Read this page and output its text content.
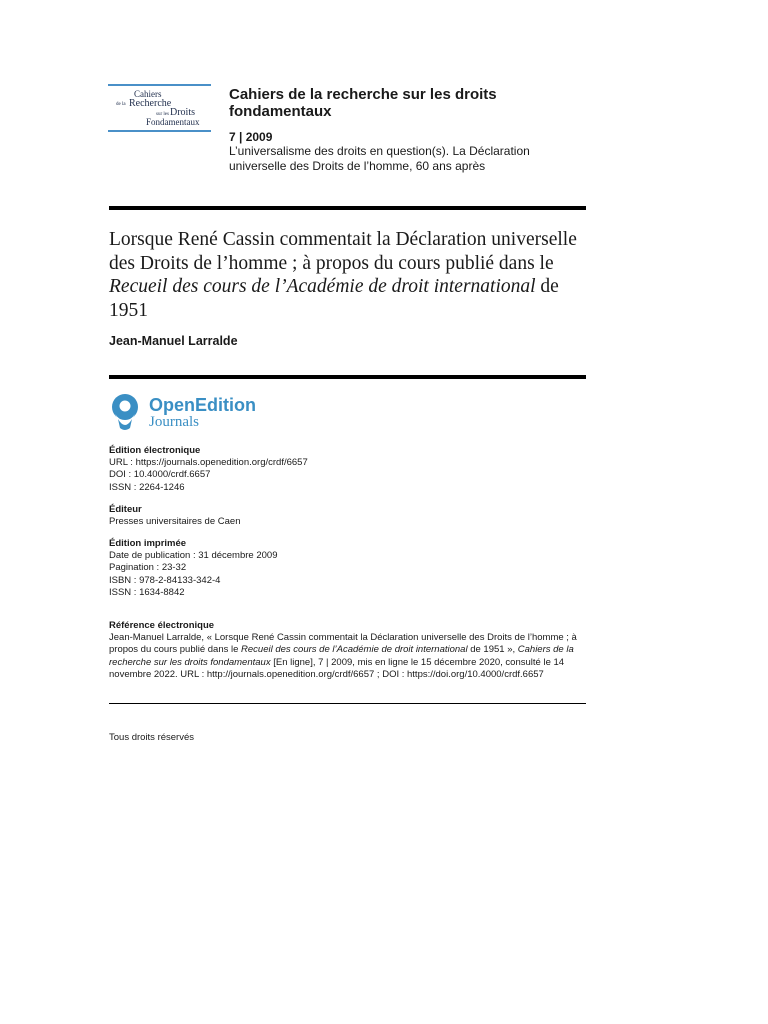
Cahiers
de la Recherche
sur les Droits
Fondamentaux
Cahiers de la recherche sur les droits fondamentaux
7 | 2009
L’universalisme des droits en question(s). La Déclaration universelle des Droits de l’homme, 60 ans après
Lorsque René Cassin commentait la Déclaration universelle des Droits de l’homme ; à propos du cours publié dans le Recueil des cours de l’Académie de droit international de 1951
Jean-Manuel Larralde
OpenEdition
Journals
Édition électronique
URL : https://journals.openedition.org/crdf/6657
DOI : 10.4000/crdf.6657
ISSN : 2264-1246
Éditeur
Presses universitaires de Caen
Édition imprimée
Date de publication : 31 décembre 2009
Pagination : 23-32
ISBN : 978-2-84133-342-4
ISSN : 1634-8842
Référence électronique
Jean-Manuel Larralde, « Lorsque René Cassin commentait la Déclaration universelle des Droits de l’homme ; à propos du cours publié dans le Recueil des cours de l’Académie de droit international de 1951 », Cahiers de la recherche sur les droits fondamentaux [En ligne], 7 | 2009, mis en ligne le 15 décembre 2020, consulté le 14 novembre 2022. URL : http://journals.openedition.org/crdf/6657 ; DOI : https://doi.org/10.4000/crdf.6657
Tous droits réservés
